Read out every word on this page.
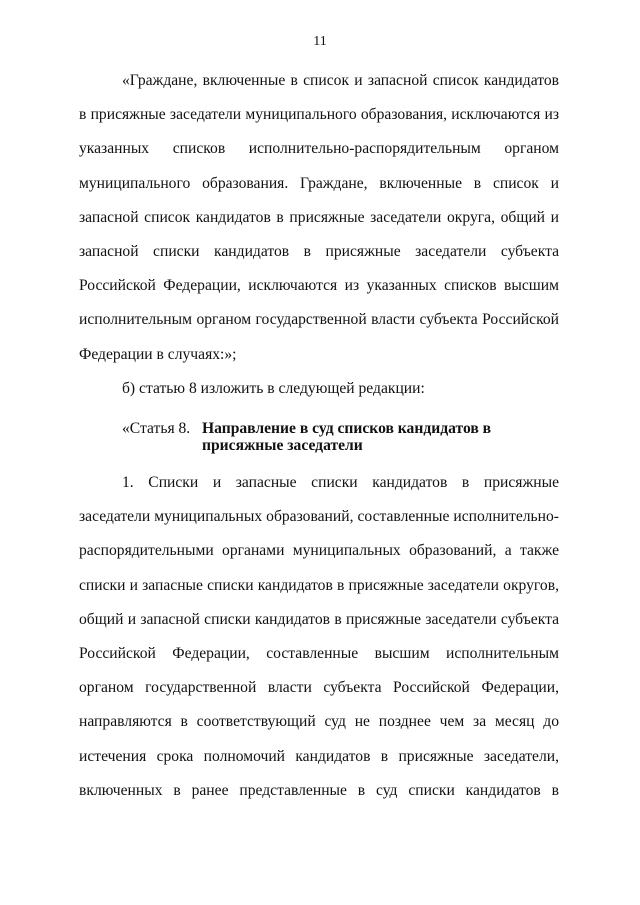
11

«Граждане, включенные в список и запасной список кандидатов в присяжные заседатели муниципального образования, исключаются из указанных списков исполнительно-распорядительным органом муниципального образования. Граждане, включенные в список и запасной список кандидатов в присяжные заседатели округа, общий и запасной списки кандидатов в присяжные заседатели субъекта Российской Федерации, исключаются из указанных списков высшим исполнительным органом государственной власти субъекта Российской Федерации в случаях:»;

б) статью 8 изложить в следующей редакции:

«Статья 8. Направление в суд списков кандидатов в присяжные заседатели

1. Списки и запасные списки кандидатов в присяжные заседатели муниципальных образований, составленные исполнительно-распорядительными органами муниципальных образований, а также списки и запасные списки кандидатов в присяжные заседатели округов, общий и запасной списки кандидатов в присяжные заседатели субъекта Российской Федерации, составленные высшим исполнительным органом государственной власти субъекта Российской Федерации, направляются в соответствующий суд не позднее чем за месяц до истечения срока полномочий кандидатов в присяжные заседатели, включенных в ранее представленные в суд списки кандидатов в
